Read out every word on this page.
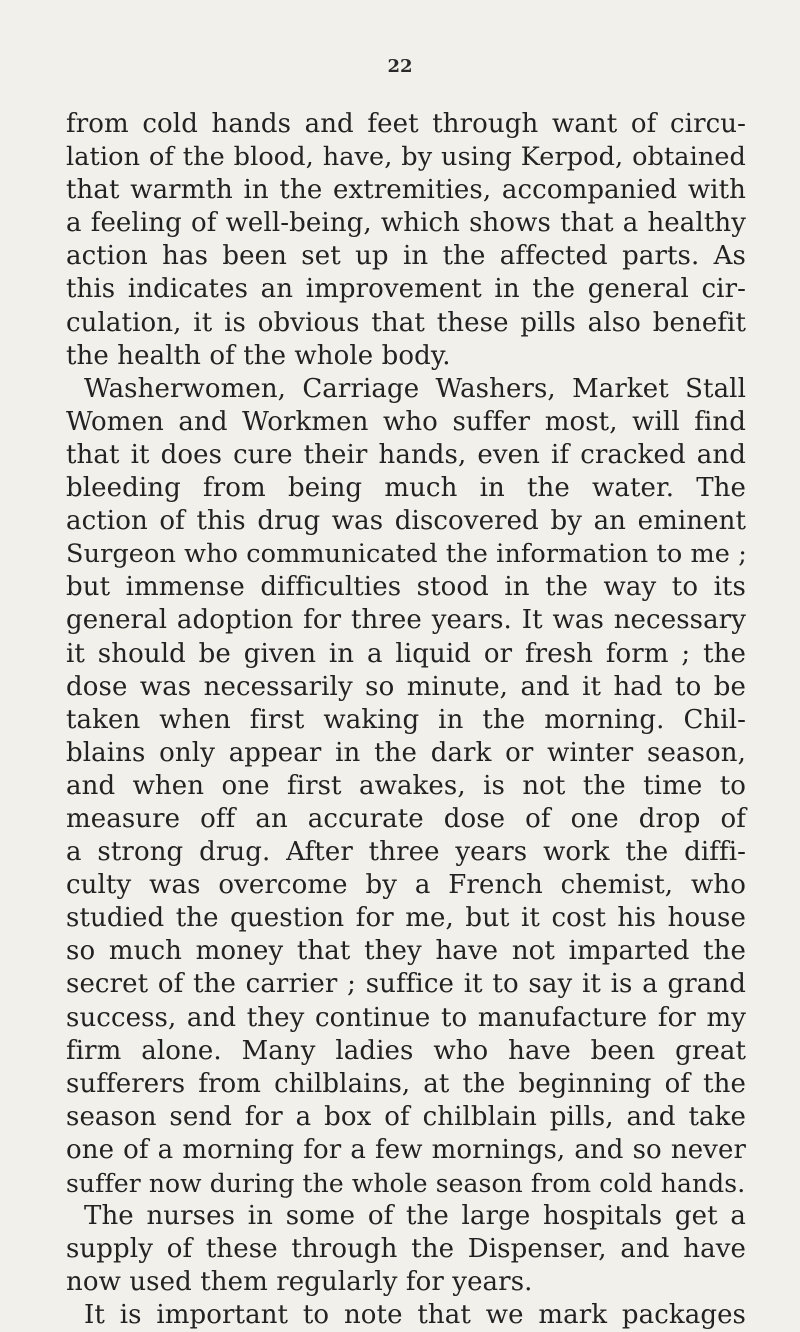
22
from cold hands and feet through want of circu-
lation of the blood, have, by using Kerpod, obtained
that warmth in the extremities, accompanied with
a feeling of well-being, which shows that a healthy
action has been set up in the affected parts. As
this indicates an improvement in the general cir-
culation, it is obvious that these pills also benefit
the health of the whole body.
Washerwomen, Carriage Washers, Market Stall
Women and Workmen who suffer most, will find
that it does cure their hands, even if cracked and
bleeding from being much in the water. The
action of this drug was discovered by an eminent
Surgeon who communicated the information to me ;
but immense difficulties stood in the way to its
general adoption for three years. It was necessary
it should be given in a liquid or fresh form ; the
dose was necessarily so minute, and it had to be
taken when first waking in the morning. Chil-
blains only appear in the dark or winter season,
and when one first awakes, is not the time to
measure off an accurate dose of one drop of
a strong drug. After three years work the diffi-
culty was overcome by a French chemist, who
studied the question for me, but it cost his house
so much money that they have not imparted the
secret of the carrier ; suffice it to say it is a grand
success, and they continue to manufacture for my
firm alone. Many ladies who have been great
sufferers from chilblains, at the beginning of the
season send for a box of chilblain pills, and take
one of a morning for a few mornings, and so never
suffer now during the whole season from cold hands.
The nurses in some of the large hospitals get a
supply of these through the Dispenser, and have
now used them regularly for years.
It is important to note that we mark packages
